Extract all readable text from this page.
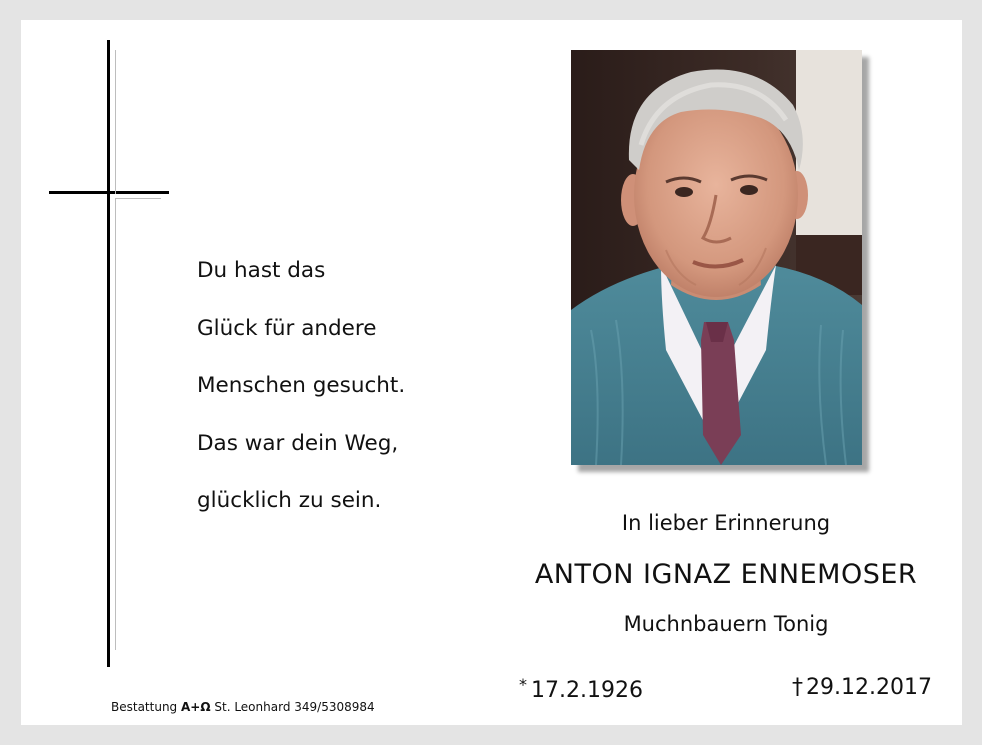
Du hast das
Glück für andere
Menschen gesucht.
Das war dein Weg,
glücklich zu sein.
In lieber Erinnerung
ANTON IGNAZ ENNEMOSER
Muchnbauern Tonig
* 17.2.1926	† 29.12.2017
Bestattung A+Ω St. Leonhard 349/5308984
